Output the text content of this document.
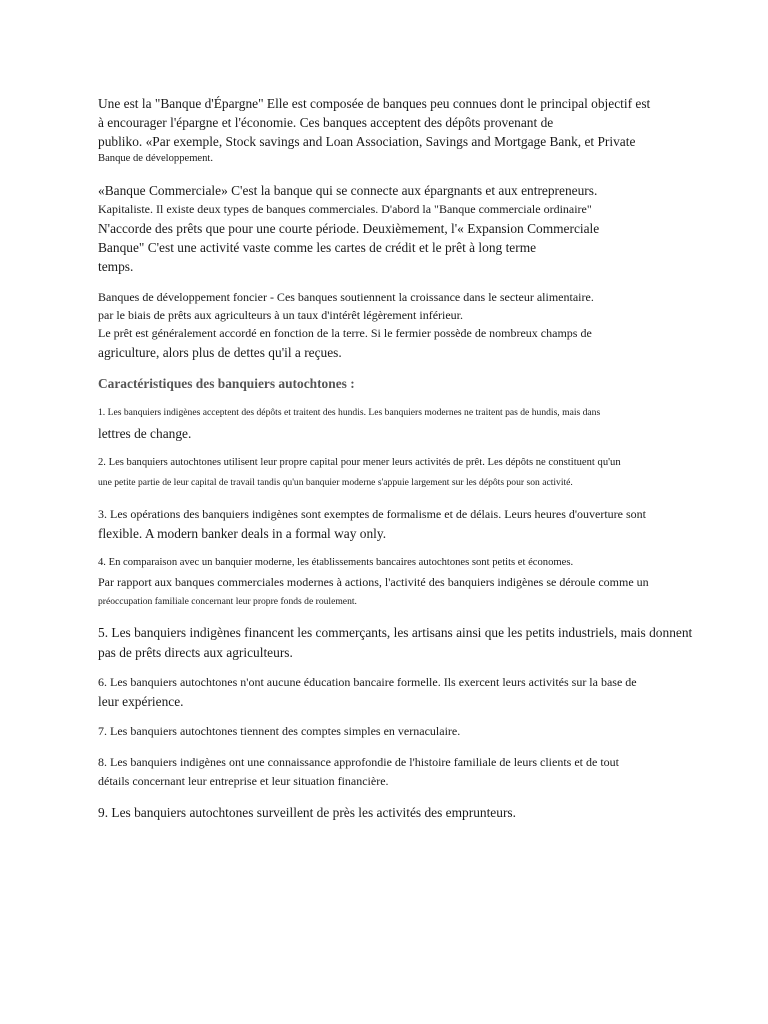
Une est la "Banque d'Épargne" Elle est composée de banques peu connues dont le principal objectif est

à encourager l'épargne et l'économie. Ces banques acceptent des dépôts provenant de

publiko. «Par exemple, Stock savings and Loan Association, Savings and Mortgage Bank, et Private

Banque de développement.

«Banque Commerciale» C'est la banque qui se connecte aux épargnants et aux entrepreneurs.

Kapitaliste. Il existe deux types de banques commerciales. D'abord la "Banque commerciale ordinaire"

N'accorde des prêts que pour une courte période. Deuxièmement, l'« Expansion Commerciale

Banque" C'est une activité vaste comme les cartes de crédit et le prêt à long terme

temps.

Banques de développement foncier - Ces banques soutiennent la croissance dans le secteur alimentaire.

par le biais de prêts aux agriculteurs à un taux d'intérêt légèrement inférieur.

Le prêt est généralement accordé en fonction de la terre. Si le fermier possède de nombreux champs de

agriculture, alors plus de dettes qu'il a reçues.

Caractéristiques des banquiers autochtones :

1. Les banquiers indigènes acceptent des dépôts et traitent des hundis. Les banquiers modernes ne traitent pas de hundis, mais dans

lettres de change.

2. Les banquiers autochtones utilisent leur propre capital pour mener leurs activités de prêt. Les dépôts ne constituent qu'un

une petite partie de leur capital de travail tandis qu'un banquier moderne s'appuie largement sur les dépôts pour son activité.

3. Les opérations des banquiers indigènes sont exemptes de formalisme et de délais. Leurs heures d'ouverture sont

flexible. A modern banker deals in a formal way only.

4. En comparaison avec un banquier moderne, les établissements bancaires autochtones sont petits et économes.

Par rapport aux banques commerciales modernes à actions, l'activité des banquiers indigènes se déroule comme un

préoccupation familiale concernant leur propre fonds de roulement.

5. Les banquiers indigènes financent les commerçants, les artisans ainsi que les petits industriels, mais donnent

pas de prêts directs aux agriculteurs.

6. Les banquiers autochtones n'ont aucune éducation bancaire formelle. Ils exercent leurs activités sur la base de

leur expérience.

7. Les banquiers autochtones tiennent des comptes simples en vernaculaire.

8. Les banquiers indigènes ont une connaissance approfondie de l'histoire familiale de leurs clients et de tout

détails concernant leur entreprise et leur situation financière.

9. Les banquiers autochtones surveillent de près les activités des emprunteurs.
